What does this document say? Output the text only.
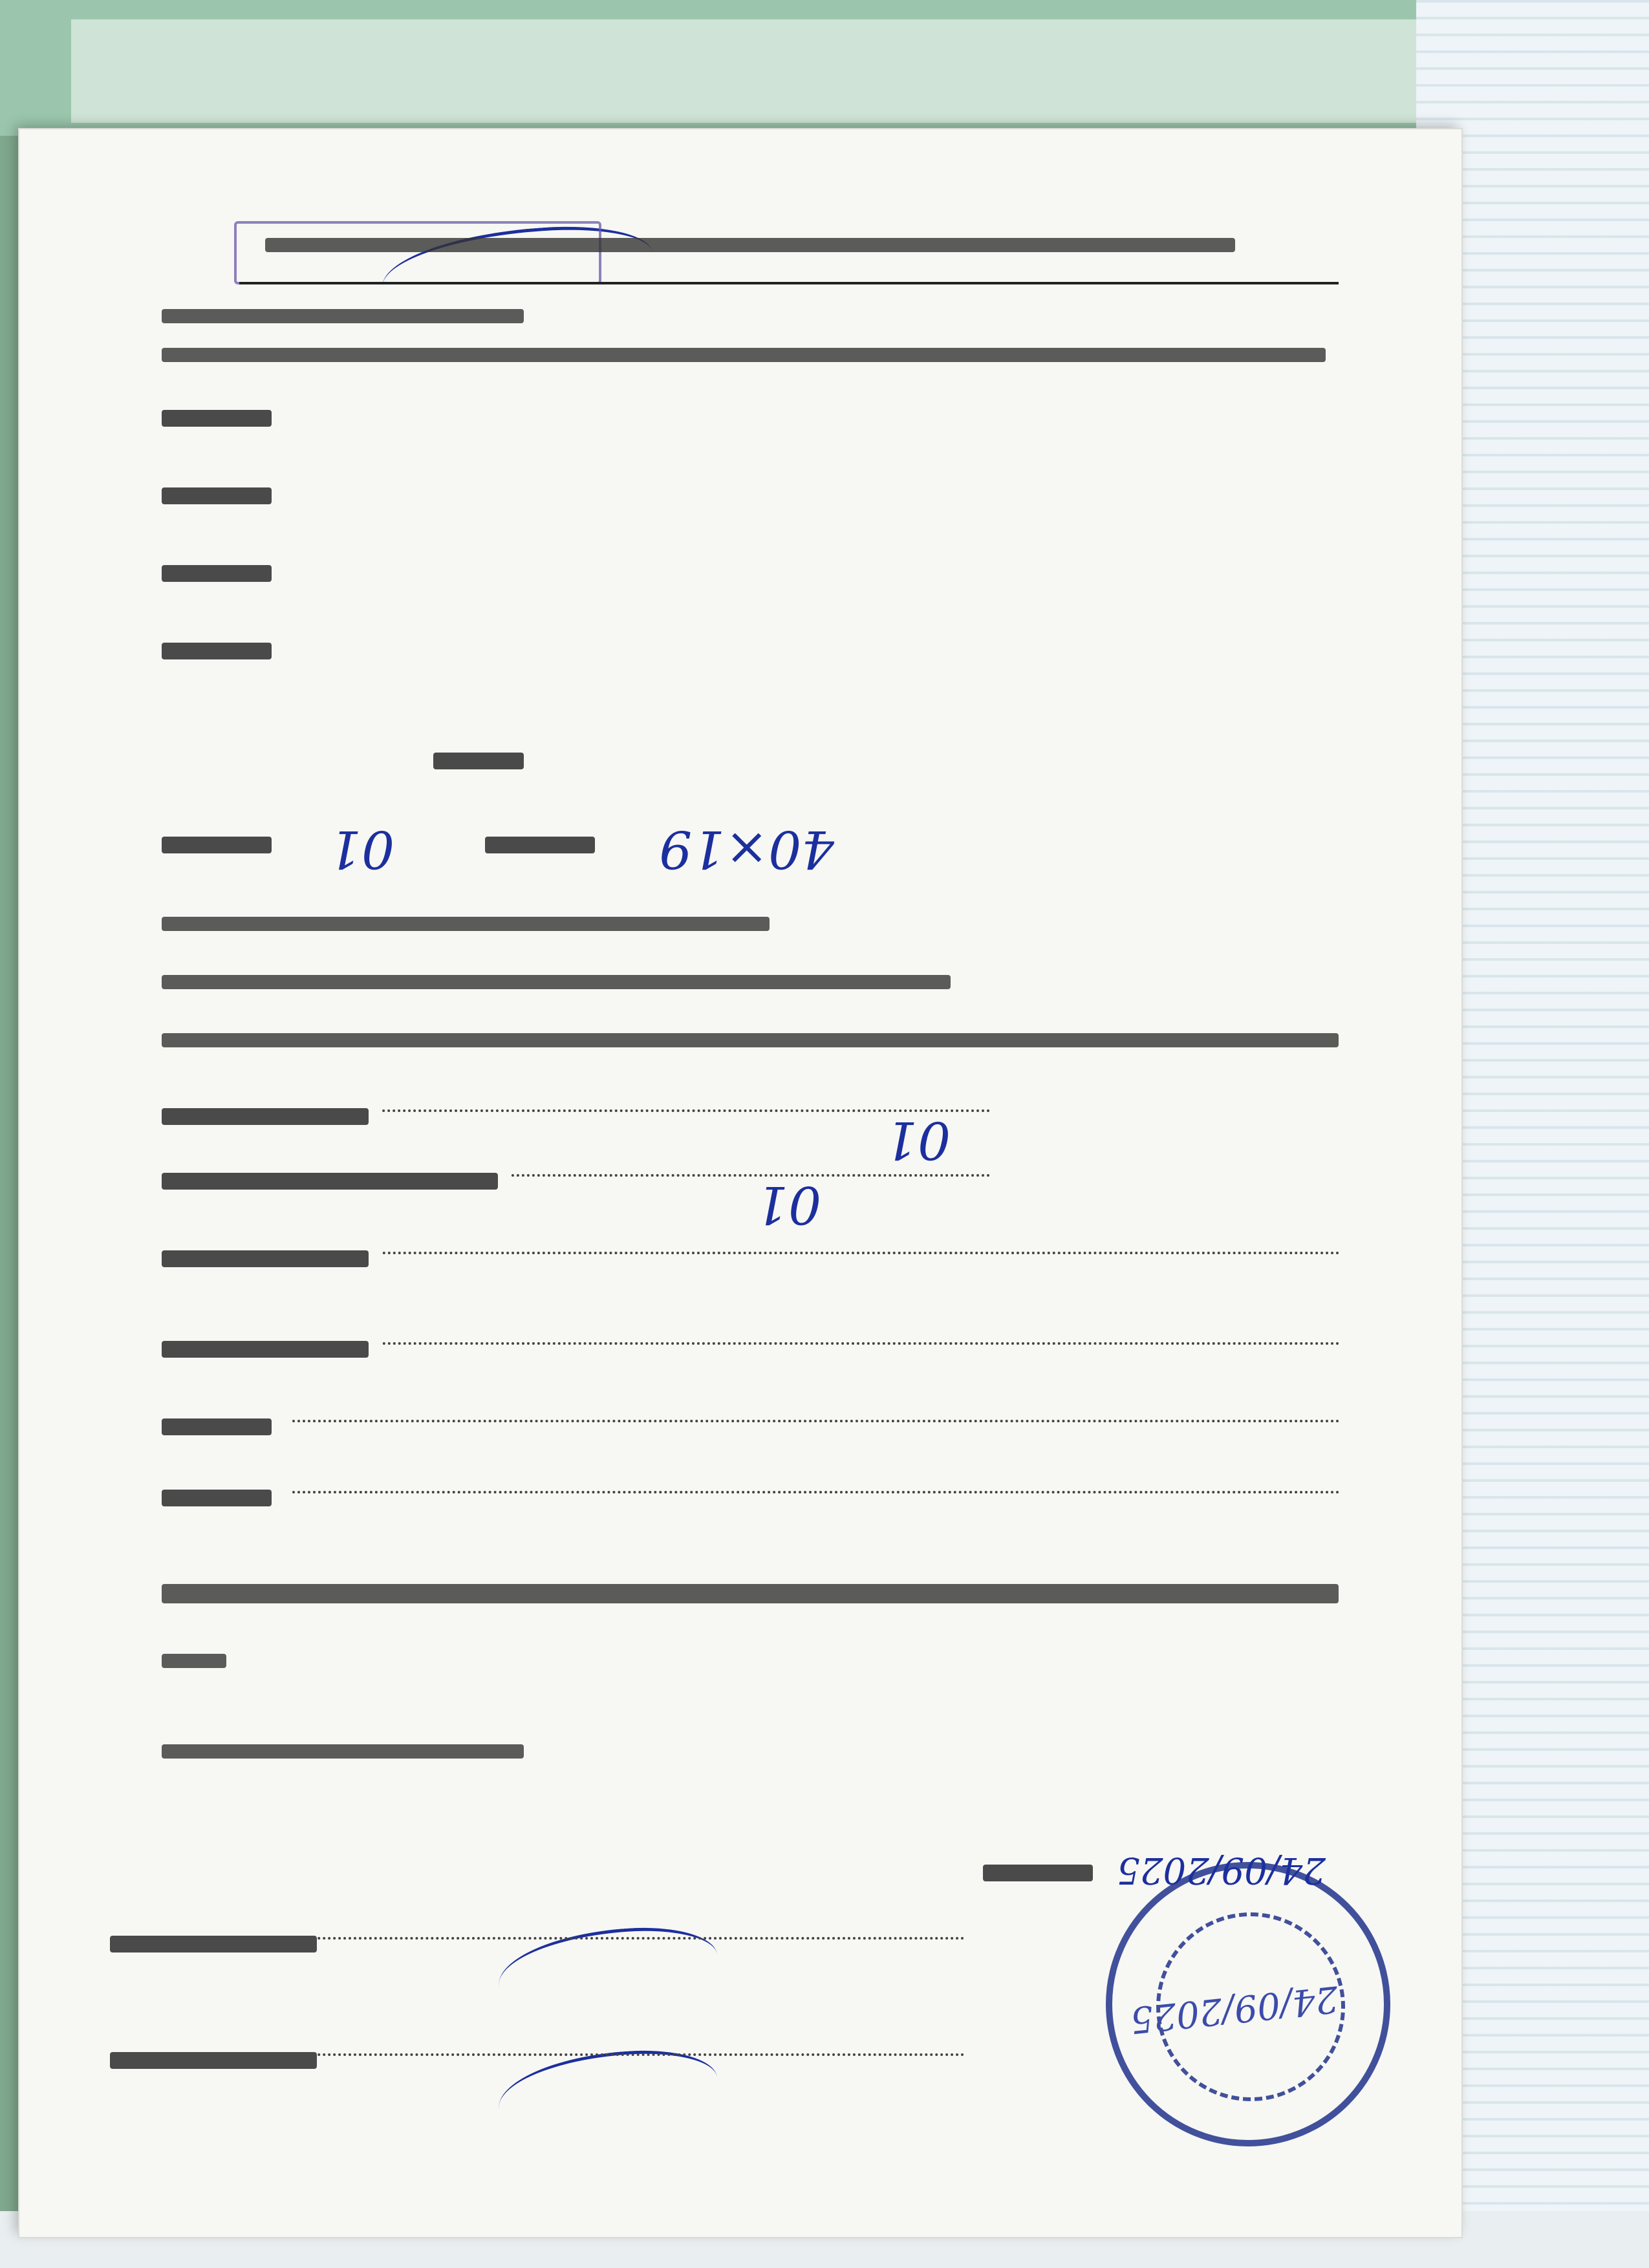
24/09/2025
24/09/2025
01
01
01	40×19
